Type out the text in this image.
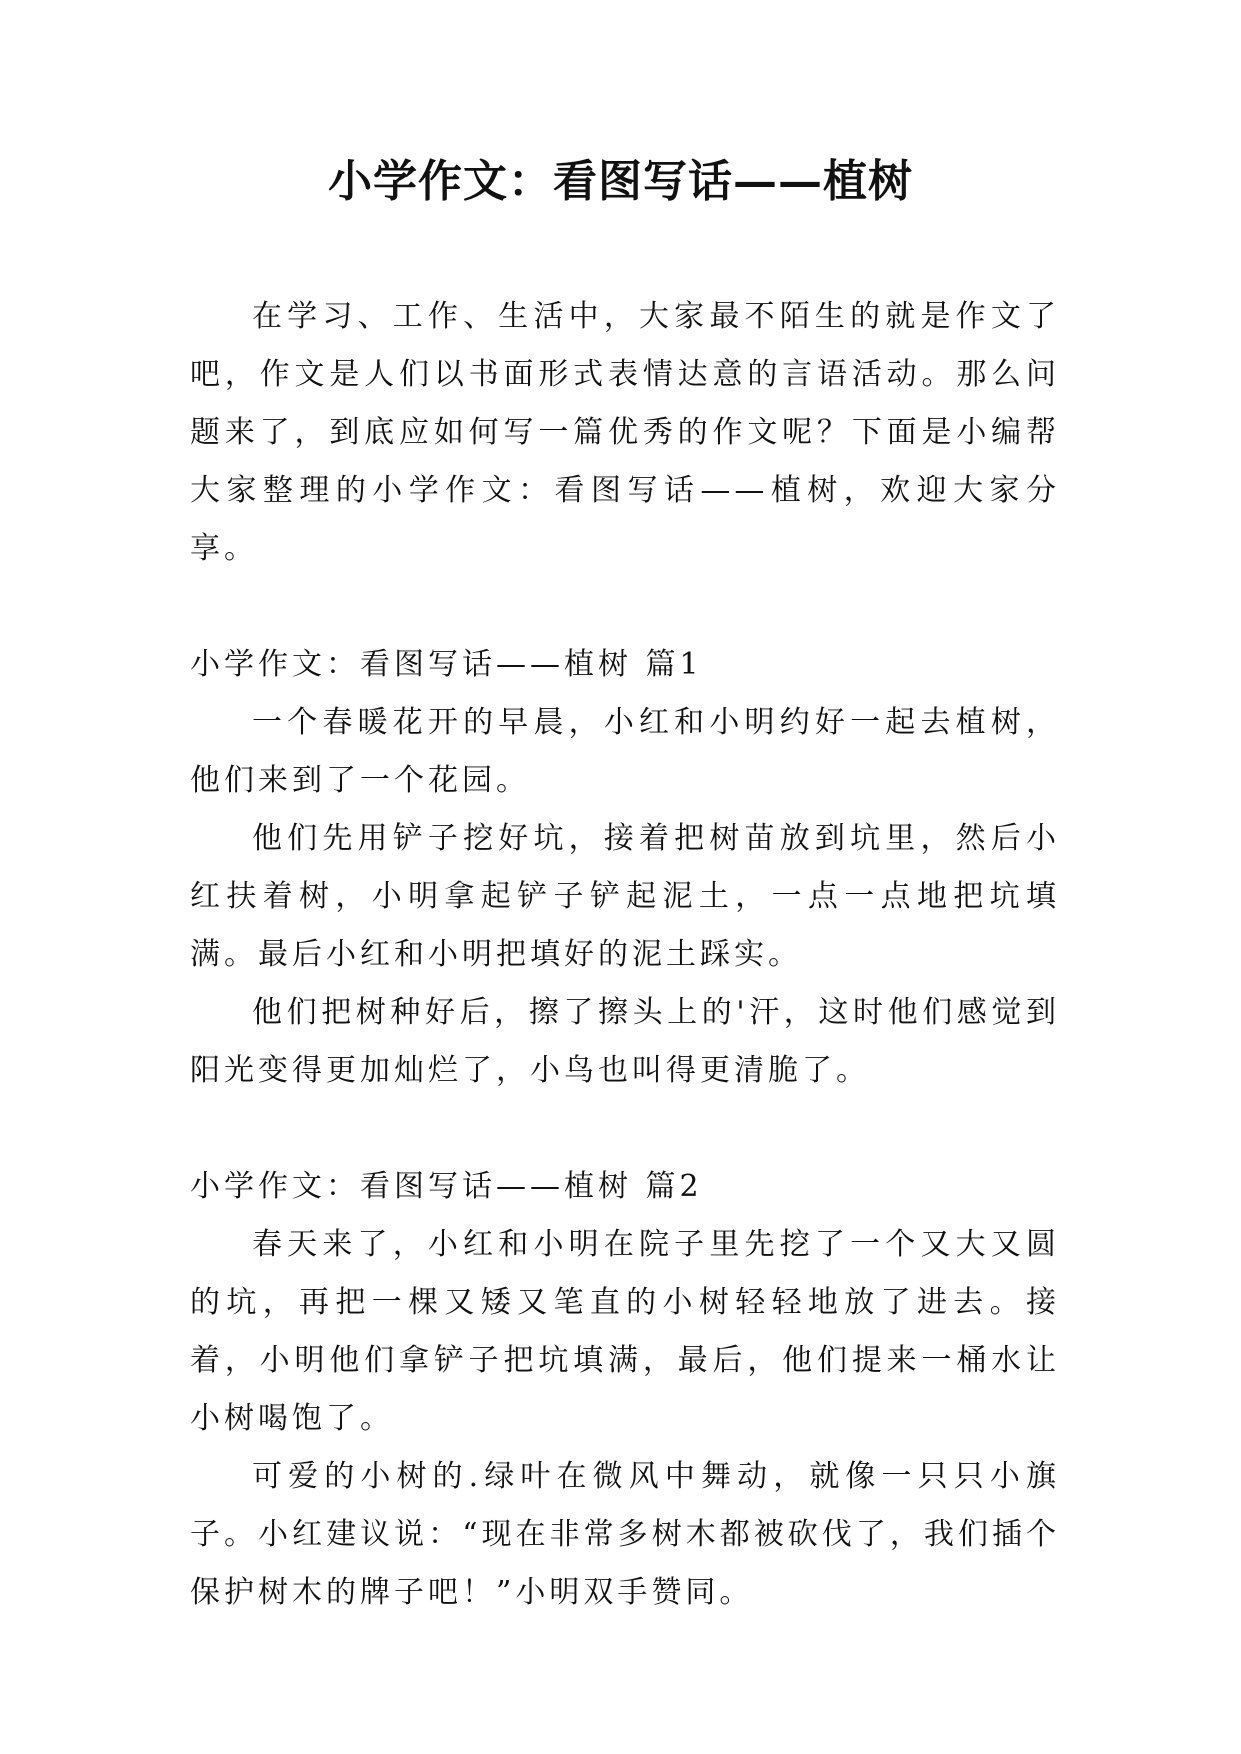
小学作文：看图写话——植树

在学习、工作、生活中，大家最不陌生的就是作文了吧，作文是人们以书面形式表情达意的言语活动。那么问题来了，到底应如何写一篇优秀的作文呢？下面是小编帮大家整理的小学作文：看图写话——植树，欢迎大家分享。

小学作文：看图写话——植树 篇1

一个春暖花开的早晨，小红和小明约好一起去植树，他们来到了一个花园。

他们先用铲子挖好坑，接着把树苗放到坑里，然后小红扶着树，小明拿起铲子铲起泥土，一点一点地把坑填满。最后小红和小明把填好的泥土踩实。

他们把树种好后，擦了擦头上的'汗，这时他们感觉到阳光变得更加灿烂了，小鸟也叫得更清脆了。

小学作文：看图写话——植树 篇2

春天来了，小红和小明在院子里先挖了一个又大又圆的坑，再把一棵又矮又笔直的小树轻轻地放了进去。接着，小明他们拿铲子把坑填满，最后，他们提来一桶水让小树喝饱了。

可爱的小树的.绿叶在微风中舞动，就像一只只小旗子。小红建议说：“现在非常多树木都被砍伐了，我们插个保护树木的牌子吧！”小明双手赞同。
